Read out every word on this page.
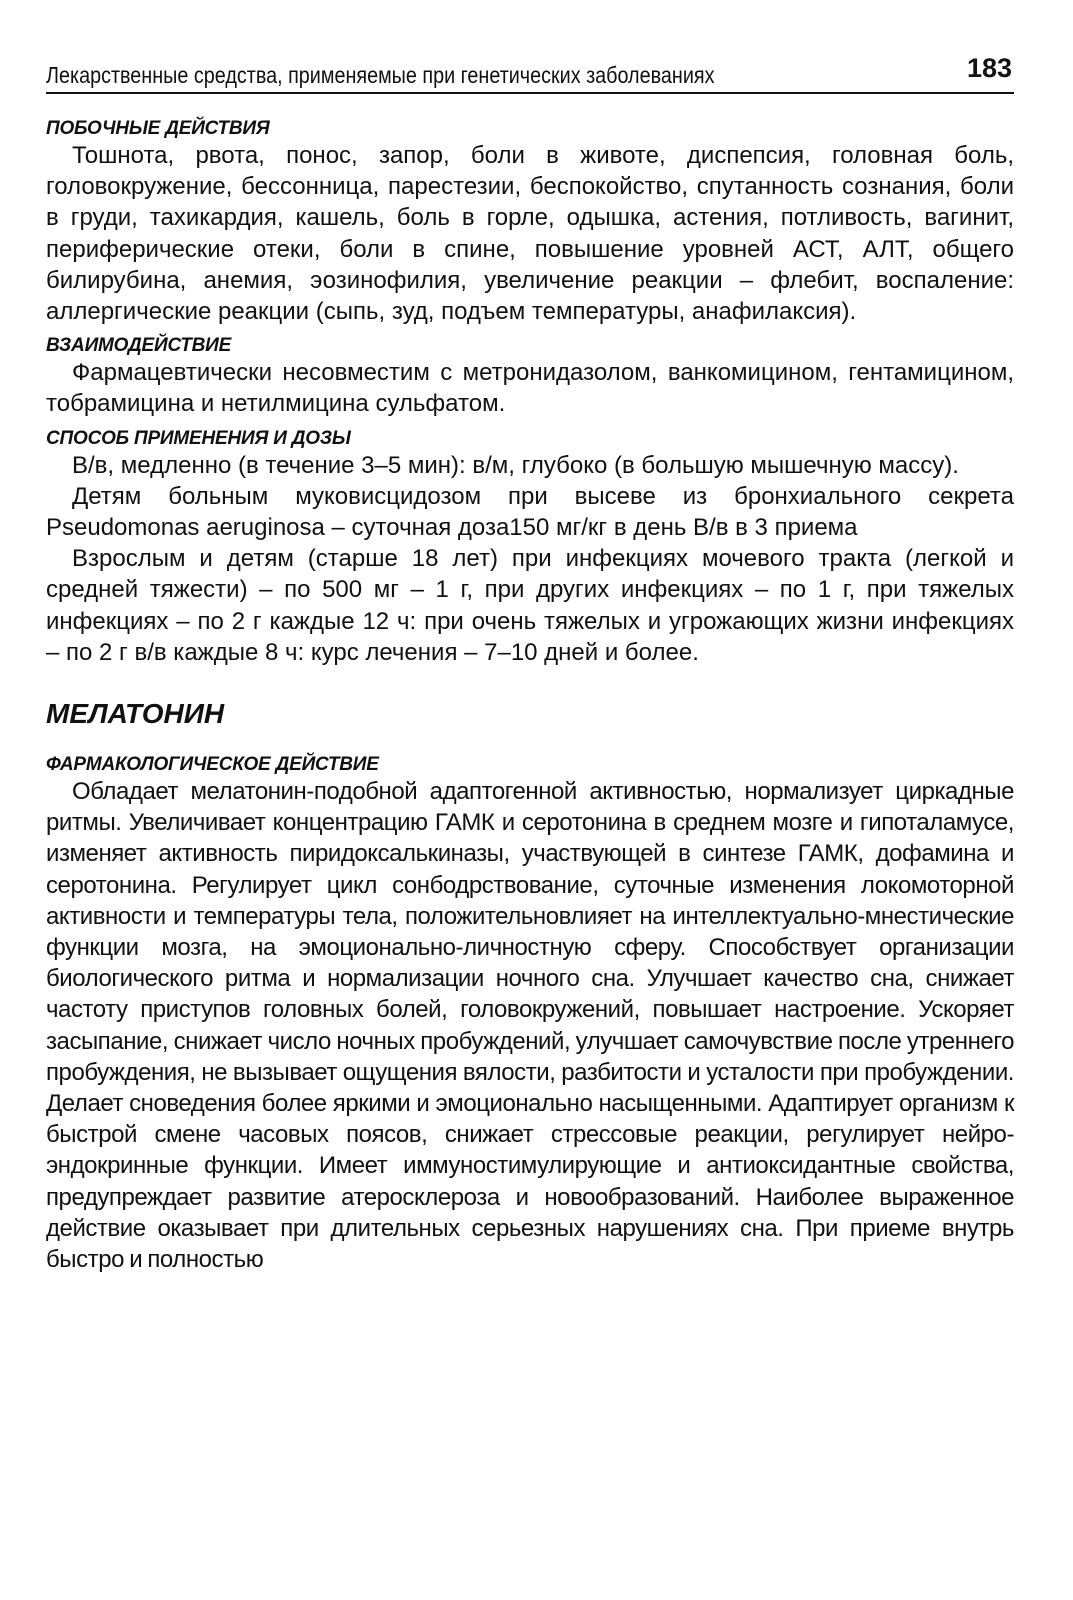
Лекарственные средства, применяемые при генетических заболеваниях	183
ПОБОЧНЫЕ ДЕЙСТВИЯ

Тошнота, рвота, понос, запор, боли в животе, диспепсия, головная боль, головокружение, бессонница, парестезии, беспокойство, спутанность сознания, боли в груди, тахикардия, кашель, боль в горле, одышка, астения, потливость, вагинит, периферические отеки, боли в спине, повышение уровней АСТ, АЛТ, общего билирубина, анемия, эозинофилия, увеличение реакции – флебит, воспаление: аллергические реакции (сыпь, зуд, подъем температуры, анафилаксия).

ВЗАИМОДЕЙСТВИЕ

Фармацевтически несовместим с метронидазолом, ванкомицином, гентамицином, тобрамицина и нетилмицина сульфатом.

СПОСОБ ПРИМЕНЕНИЯ И ДОЗЫ

В/в, медленно (в течение 3–5 мин): в/м, глубоко (в большую мышечную массу).

Детям больным муковисцидозом при высеве из бронхиального секрета Pseudomonas aeruginosa – суточная доза150 мг/кг в день В/в в 3 приема

Взрослым и детям (старше 18 лет) при инфекциях мочевого тракта (легкой и средней тяжести) – по 500 мг – 1 г, при других инфекциях – по 1 г, при тяжелых инфекциях – по 2 г каждые 12 ч: при очень тяжелых и угрожающих жизни инфекциях – по 2 г в/в каждые 8 ч: курс лечения – 7–10 дней и более.

МЕЛАТОНИН
ФАРМАКОЛОГИЧЕСКОЕ ДЕЙСТВИЕ

Обладает мелатонин-подобной адаптогенной активностью, нормализует циркадные ритмы. Увеличивает концентрацию ГАМК и серотонина в среднем мозге и гипоталамусе, изменяет активность пиридоксалькиназы, участвующей в синтезе ГАМК, дофамина и серотонина. Регулирует цикл сонбодрствование, суточные изменения локомоторной активности и температуры тела, положительновлияет на интеллектуально-мнестические функции мозга, на эмоционально-личностную сферу. Способствует организации биологического ритма и нормализации ночного сна. Улучшает качество сна, снижает частоту приступов головных болей, головокружений, повышает настроение. Ускоряет засыпание, снижает число ночных пробуждений, улучшает самочувствие после утреннего пробуждения, не вызывает ощущения вялости, разбитости и усталости при пробуждении. Делает сноведения более яркими и эмоционально насыщенными. Адаптирует организм к быстрой смене часовых поясов, снижает стрессовые реакции, регулирует нейро-эндокринные функции. Имеет иммуностимулирующие и антиоксидантные свойства, предупреждает развитие атеросклероза и новообразований. Наиболее выраженное действие оказывает при длительных серьезных нарушениях сна. При приеме внутрь быстро и полностью
